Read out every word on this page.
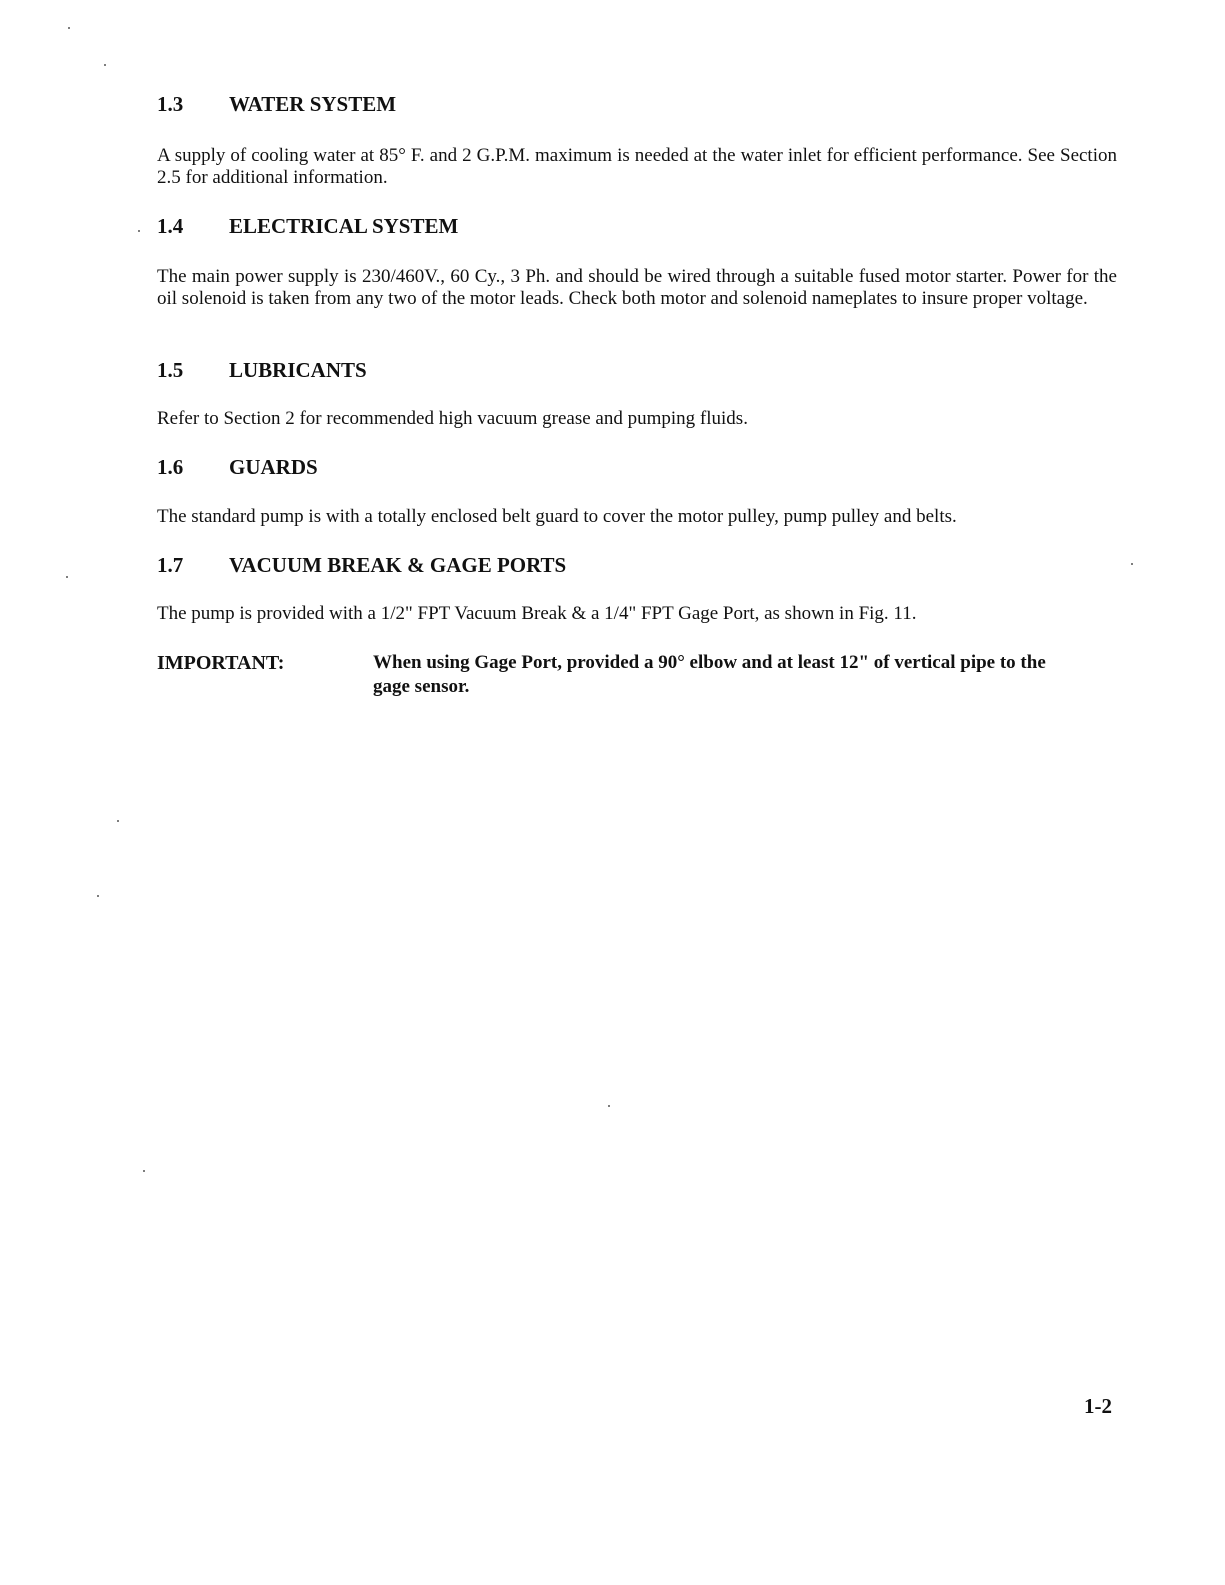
1.3 WATER SYSTEM
A supply of cooling water at 85° F. and 2 G.P.M. maximum is needed at the water inlet for efficient performance. See Section 2.5 for additional information.
1.4 ELECTRICAL SYSTEM
The main power supply is 230/460V., 60 Cy., 3 Ph. and should be wired through a suitable fused motor starter. Power for the oil solenoid is taken from any two of the motor leads. Check both motor and solenoid nameplates to insure proper voltage.
1.5 LUBRICANTS
Refer to Section 2 for recommended high vacuum grease and pumping fluids.
1.6 GUARDS
The standard pump is with a totally enclosed belt guard to cover the motor pulley, pump pulley and belts.
1.7 VACUUM BREAK & GAGE PORTS
The pump is provided with a 1/2" FPT Vacuum Break & a 1/4" FPT Gage Port, as shown in Fig. 11.
IMPORTANT:	When using Gage Port, provided a 90° elbow and at least 12" of vertical pipe to the gage sensor.
1-2
